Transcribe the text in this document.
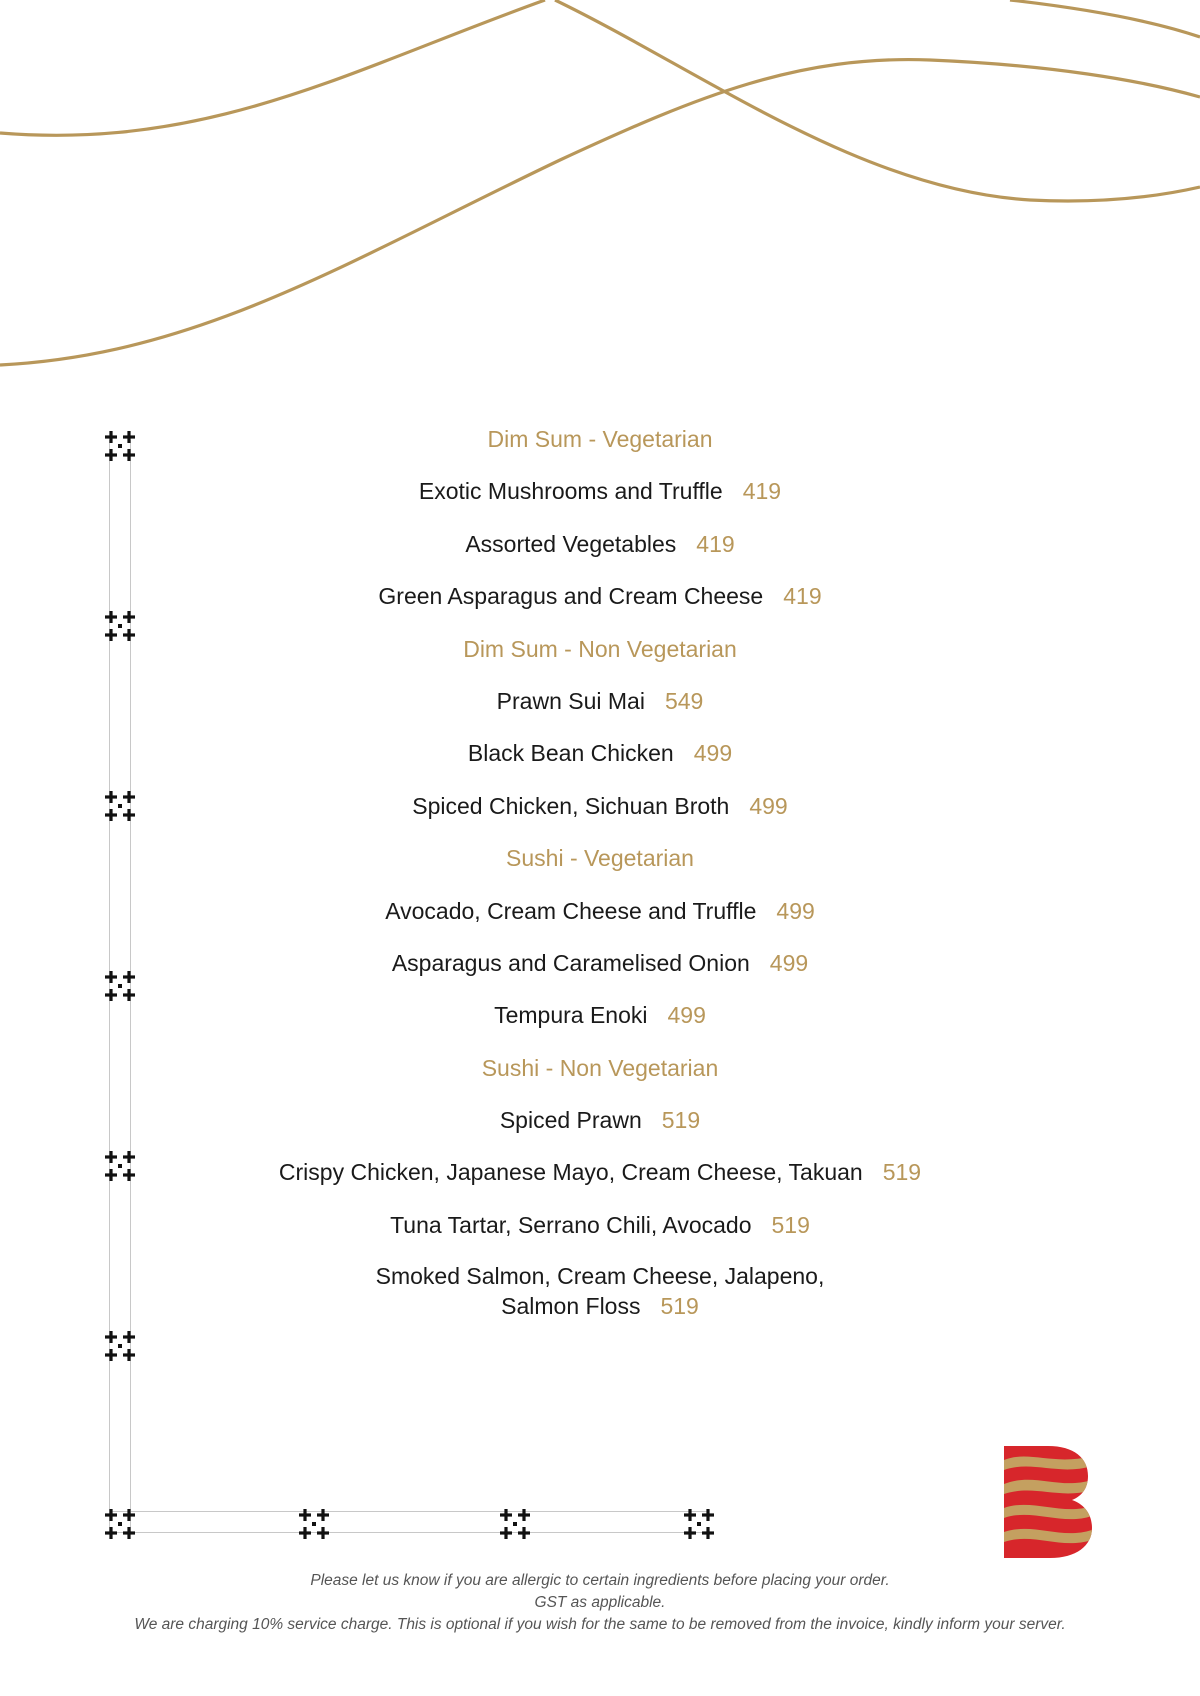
Dim Sum - Vegetarian
Exotic Mushrooms and Truffle 419
Assorted Vegetables 419
Green Asparagus and Cream Cheese 419
Dim Sum - Non Vegetarian
Prawn Sui Mai 549
Black Bean Chicken 499
Spiced Chicken, Sichuan Broth 499
Sushi - Vegetarian
Avocado, Cream Cheese and Truffle 499
Asparagus and Caramelised Onion 499
Tempura Enoki 499
Sushi - Non Vegetarian
Spiced Prawn 519
Crispy Chicken, Japanese Mayo, Cream Cheese, Takuan 519
Tuna Tartar, Serrano Chili, Avocado 519
Smoked Salmon, Cream Cheese, Jalapeno,
Salmon Floss 519
Please let us know if you are allergic to certain ingredients before placing your order.
GST as applicable.
We are charging 10% service charge. This is optional if you wish for the same to be removed from the invoice, kindly inform your server.
